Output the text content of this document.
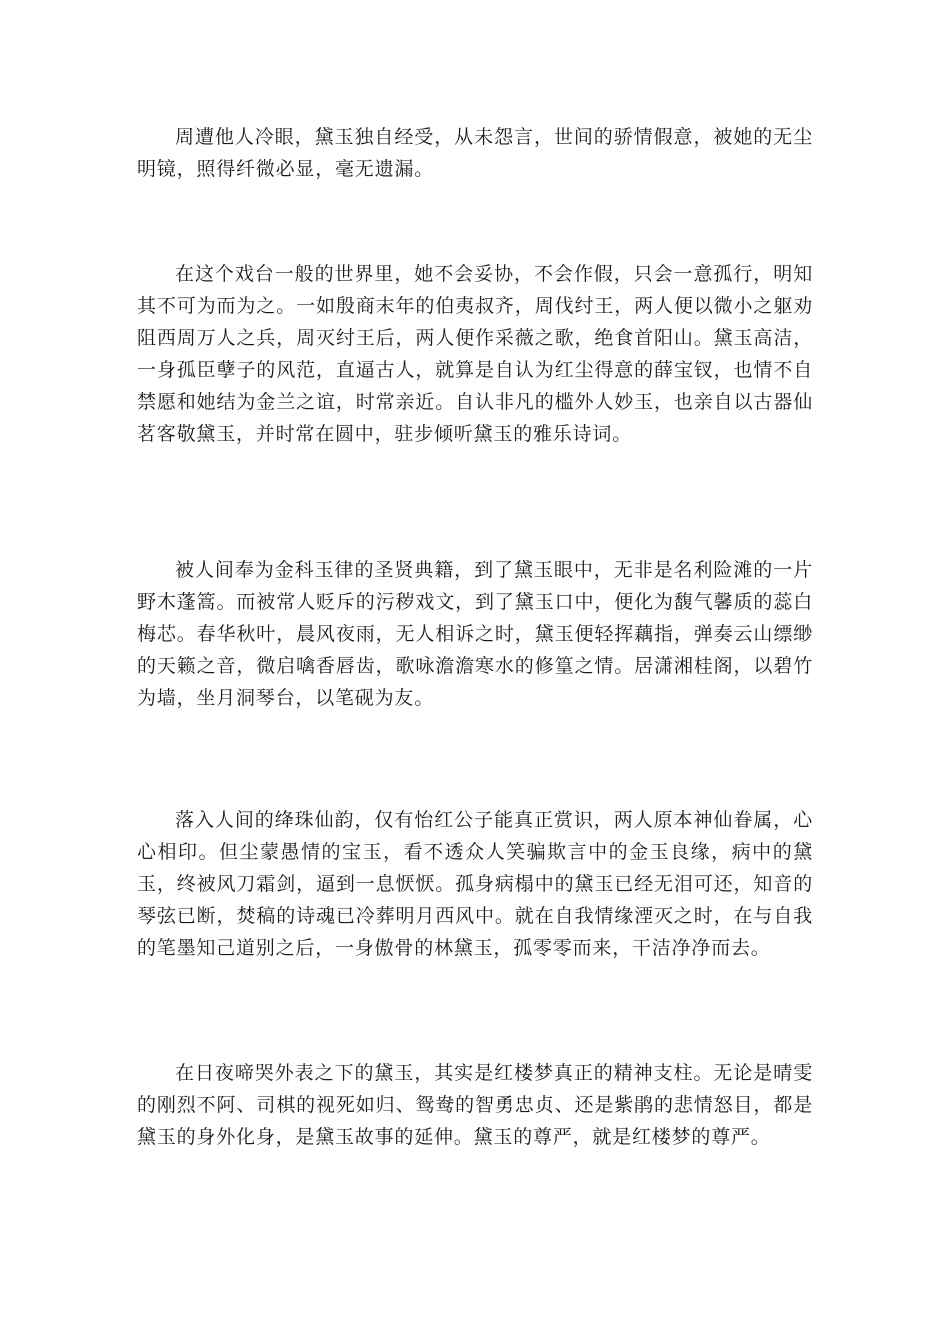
周遭他人冷眼，黛玉独自经受，从未怨言，世间的骄情假意，被她的无尘明镜，照得纤微必显，毫无遗漏。

在这个戏台一般的世界里，她不会妥协，不会作假，只会一意孤行，明知其不可为而为之。一如殷商末年的伯夷叔齐，周伐纣王，两人便以微小之躯劝阻西周万人之兵，周灭纣王后，两人便作采薇之歌，绝食首阳山。黛玉高洁，一身孤臣孽子的风范，直逼古人，就算是自认为红尘得意的薛宝钗，也情不自禁愿和她结为金兰之谊，时常亲近。自认非凡的槛外人妙玉，也亲自以古器仙茗客敬黛玉，并时常在圆中，驻步倾听黛玉的雅乐诗词。

被人间奉为金科玉律的圣贤典籍，到了黛玉眼中，无非是名利险滩的一片野木蓬篙。而被常人贬斥的污秽戏文，到了黛玉口中，便化为馥气馨质的蕊白梅芯。春华秋叶，晨风夜雨，无人相诉之时，黛玉便轻挥藕指，弹奏云山缥缈的天籁之音，微启噙香唇齿，歌咏澹澹寒水的修篁之情。居潇湘桂阁，以碧竹为墙，坐月洞琴台，以笔砚为友。

落入人间的绛珠仙韵，仅有怡红公子能真正赏识，两人原本神仙眷属，心心相印。但尘蒙愚情的宝玉，看不透众人笑骗欺言中的金玉良缘，病中的黛玉，终被风刀霜剑，逼到一息恹恹。孤身病榻中的黛玉已经无泪可还，知音的琴弦已断，焚稿的诗魂已冷葬明月西风中。就在自我情缘湮灭之时，在与自我的笔墨知己道别之后，一身傲骨的林黛玉，孤零零而来，干洁净净而去。

在日夜啼哭外表之下的黛玉，其实是红楼梦真正的精神支柱。无论是晴雯的刚烈不阿、司棋的视死如归、鸳鸯的智勇忠贞、还是紫鹃的悲情怒目，都是黛玉的身外化身，是黛玉故事的延伸。黛玉的尊严，就是红楼梦的尊严。
